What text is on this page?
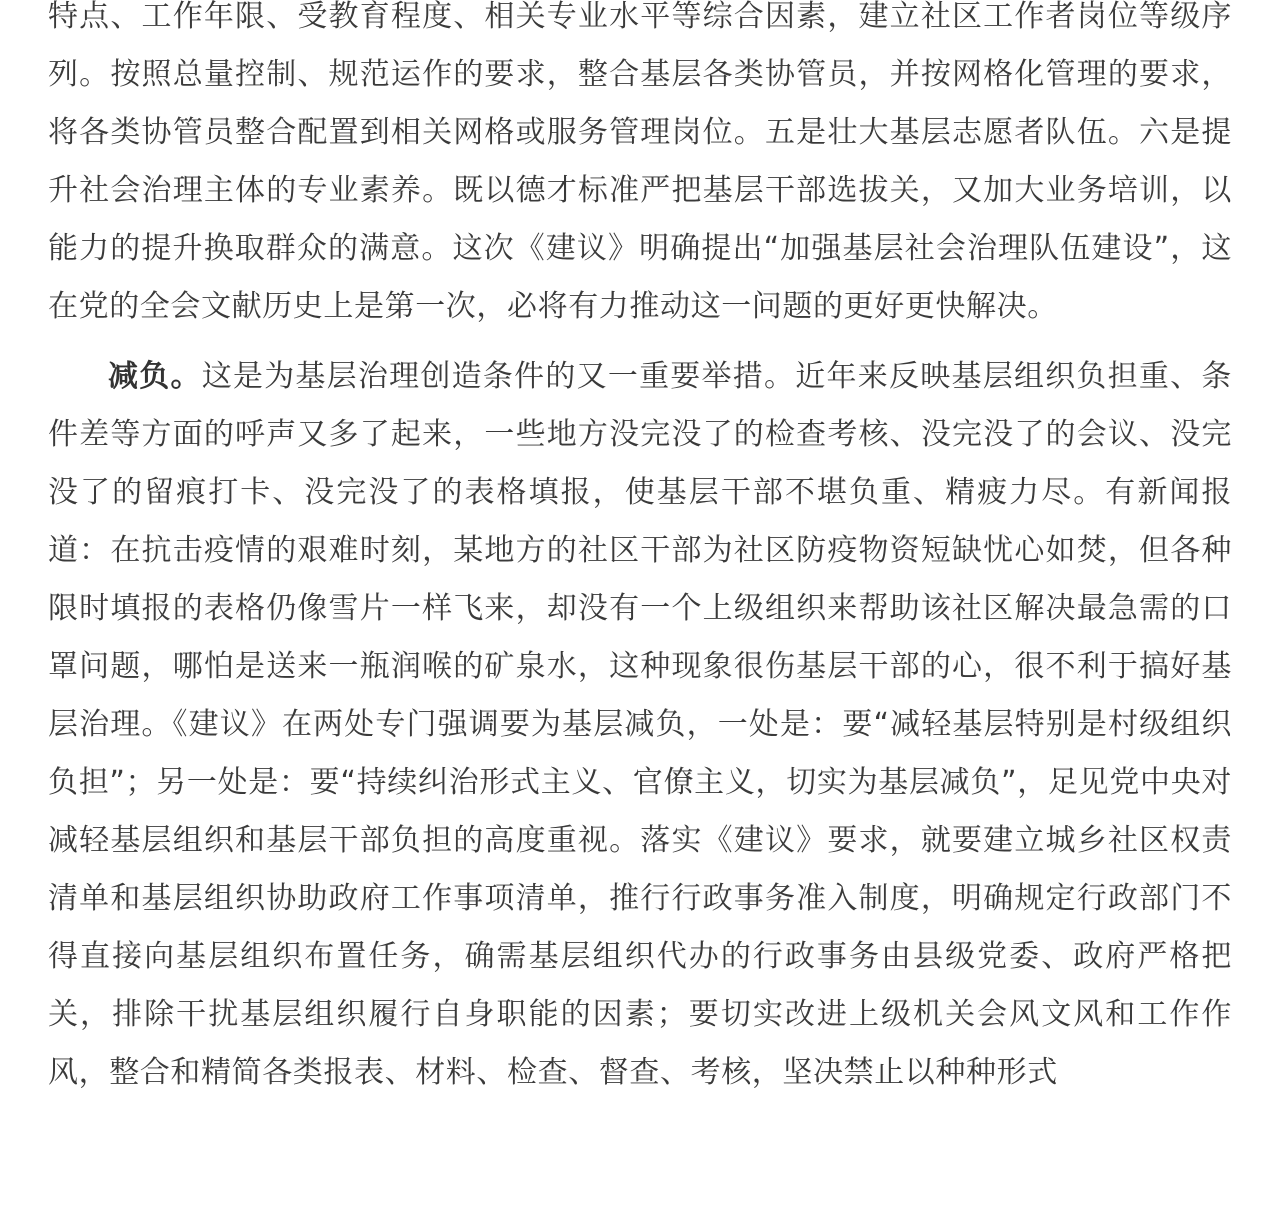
特点、工作年限、受教育程度、相关专业水平等综合因素，建立社区工作者岗位等级序列。按照总量控制、规范运作的要求，整合基层各类协管员，并按网格化管理的要求，将各类协管员整合配置到相关网格或服务管理岗位。五是壮大基层志愿者队伍。六是提升社会治理主体的专业素养。既以德才标准严把基层干部选拔关，又加大业务培训，以能力的提升换取群众的满意。这次《建议》明确提出“加强基层社会治理队伍建设”，这在党的全会文献历史上是第一次，必将有力推动这一问题的更好更快解决。

减负。这是为基层治理创造条件的又一重要举措。近年来反映基层组织负担重、条件差等方面的呼声又多了起来，一些地方没完没了的检查考核、没完没了的会议、没完没了的留痕打卡、没完没了的表格填报，使基层干部不堪负重、精疲力尽。有新闻报道：在抗击疫情的艰难时刻，某地方的社区干部为社区防疫物资短缺忧心如焚，但各种限时填报的表格仍像雪片一样飞来，却没有一个上级组织来帮助该社区解决最急需的口罩问题，哪怕是送来一瓶润喉的矿泉水，这种现象很伤基层干部的心，很不利于搞好基层治理。《建议》在两处专门强调要为基层减负，一处是：要“减轻基层特别是村级组织负担”；另一处是：要“持续纠治形式主义、官僚主义，切实为基层减负”，足见党中央对减轻基层组织和基层干部负担的高度重视。落实《建议》要求，就要建立城乡社区权责清单和基层组织协助政府工作事项清单，推行行政事务准入制度，明确规定行政部门不得直接向基层组织布置任务，确需基层组织代办的行政事务由县级党委、政府严格把关，排除干扰基层组织履行自身职能的因素；要切实改进上级机关会风文风和工作作风，整合和精简各类报表、材料、检查、督查、考核，坚决禁止以种种形式
